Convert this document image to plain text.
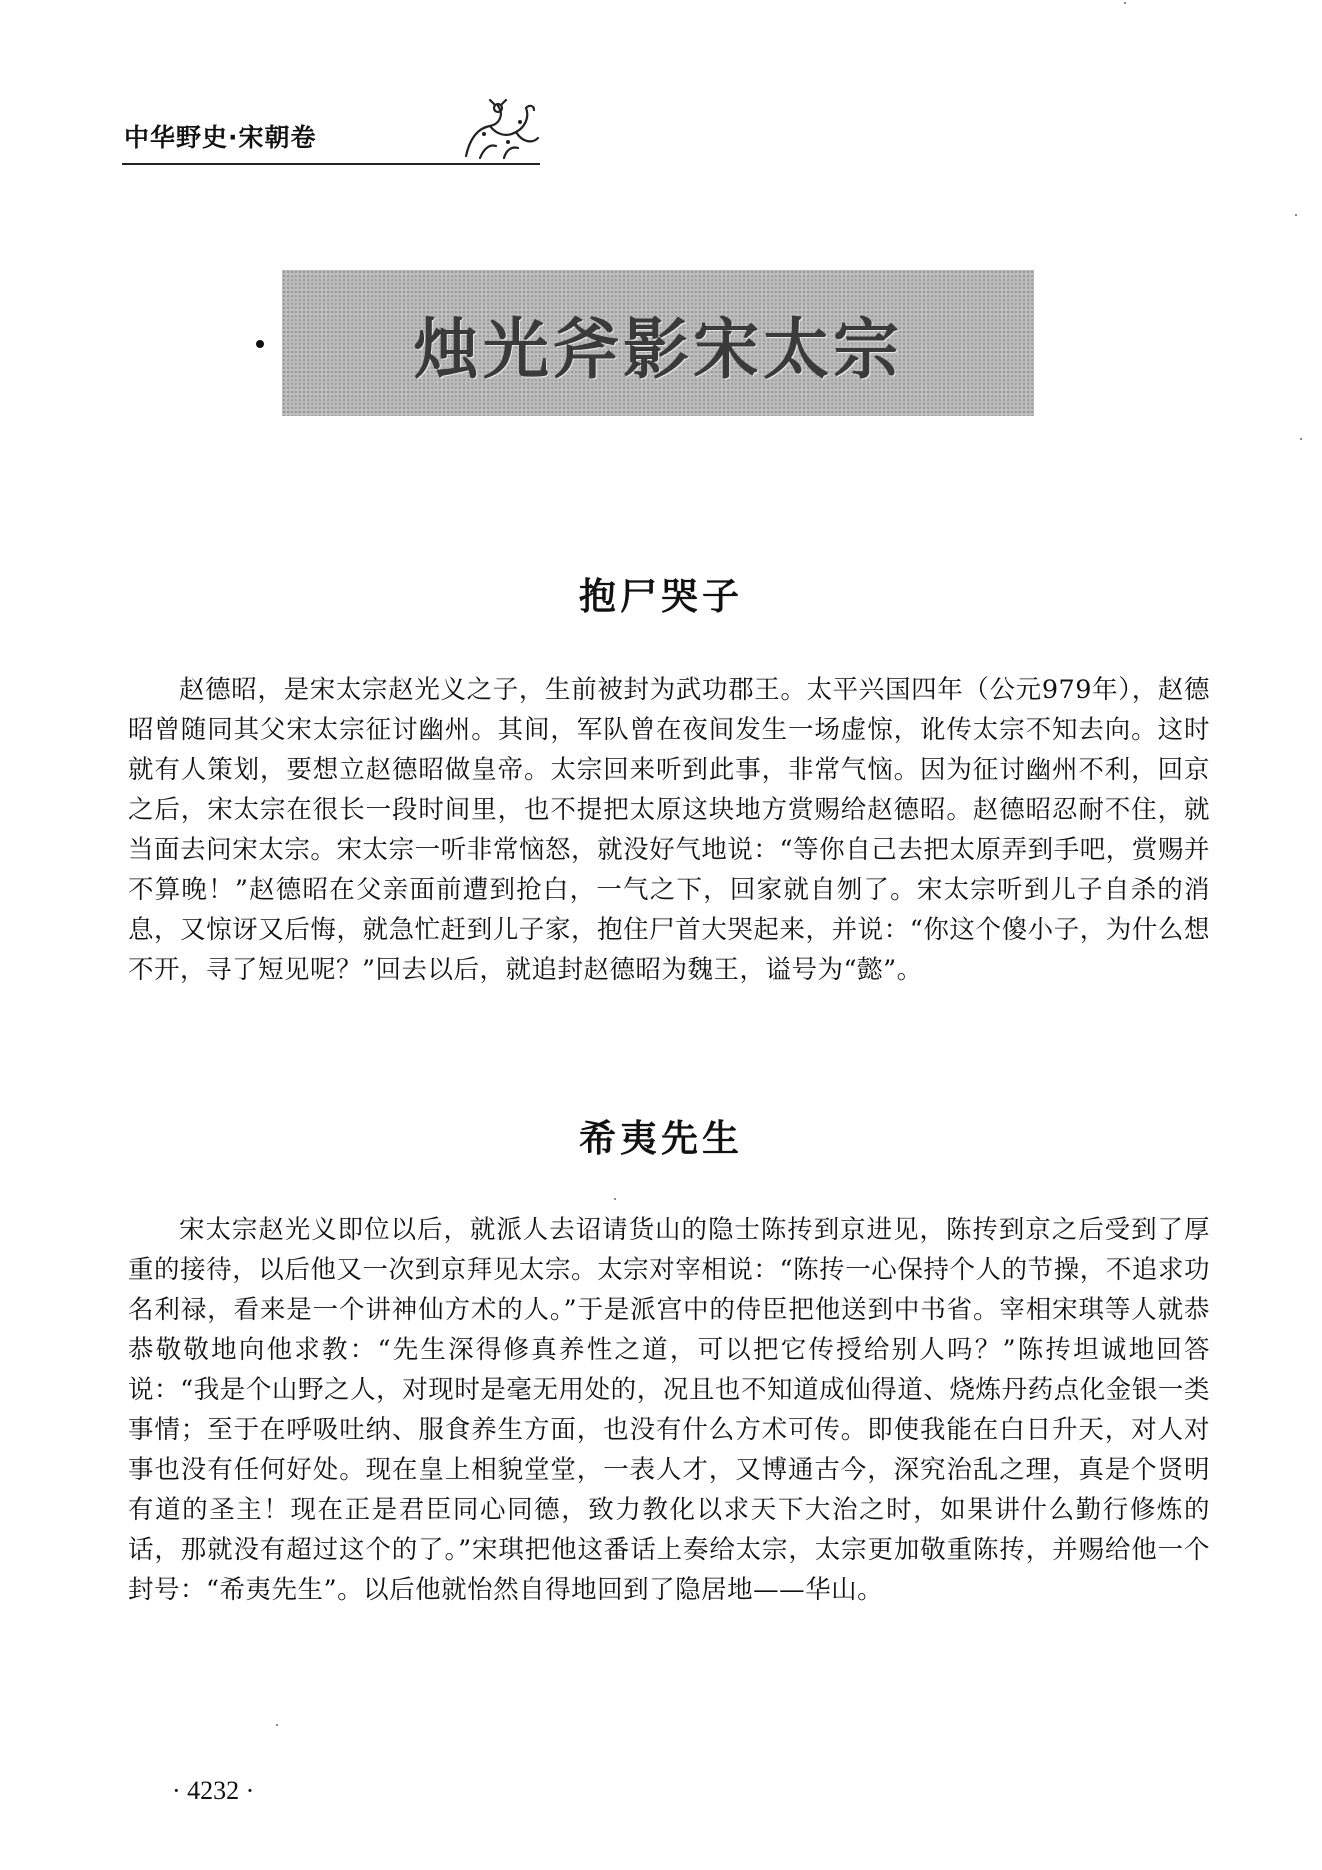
中华野史·宋朝卷
烛光斧影宋太宗
抱尸哭子

赵德昭，是宋太宗赵光义之子，生前被封为武功郡王。太平兴国四年（公元979年），赵德昭曾随同其父宋太宗征讨幽州。其间，军队曾在夜间发生一场虚惊，讹传太宗不知去向。这时就有人策划，要想立赵德昭做皇帝。太宗回来听到此事，非常气恼。因为征讨幽州不利，回京之后，宋太宗在很长一段时间里，也不提把太原这块地方赏赐给赵德昭。赵德昭忍耐不住，就当面去问宋太宗。宋太宗一听非常恼怒，就没好气地说：“等你自己去把太原弄到手吧，赏赐并不算晚！”赵德昭在父亲面前遭到抢白，一气之下，回家就自刎了。宋太宗听到儿子自杀的消息，又惊讶又后悔，就急忙赶到儿子家，抱住尸首大哭起来，并说：“你这个傻小子，为什么想不开，寻了短见呢？”回去以后，就追封赵德昭为魏王，谥号为“懿”。

希夷先生

宋太宗赵光义即位以后，就派人去诏请货山的隐士陈抟到京进见，陈抟到京之后受到了厚重的接待，以后他又一次到京拜见太宗。太宗对宰相说：“陈抟一心保持个人的节操，不追求功名利禄，看来是一个讲神仙方术的人。”于是派宫中的侍臣把他送到中书省。宰相宋琪等人就恭恭敬敬地向他求教：“先生深得修真养性之道，可以把它传授给别人吗？”陈抟坦诚地回答说：“我是个山野之人，对现时是毫无用处的，况且也不知道成仙得道、烧炼丹药点化金银一类事情；至于在呼吸吐纳、服食养生方面，也没有什么方术可传。即使我能在白日升天，对人对事也没有任何好处。现在皇上相貌堂堂，一表人才，又博通古今，深究治乱之理，真是个贤明有道的圣主！现在正是君臣同心同德，致力教化以求天下大治之时，如果讲什么勤行修炼的话，那就没有超过这个的了。”宋琪把他这番话上奏给太宗，太宗更加敬重陈抟，并赐给他一个封号：“希夷先生”。以后他就怡然自得地回到了隐居地——华山。

· 4232 ·
